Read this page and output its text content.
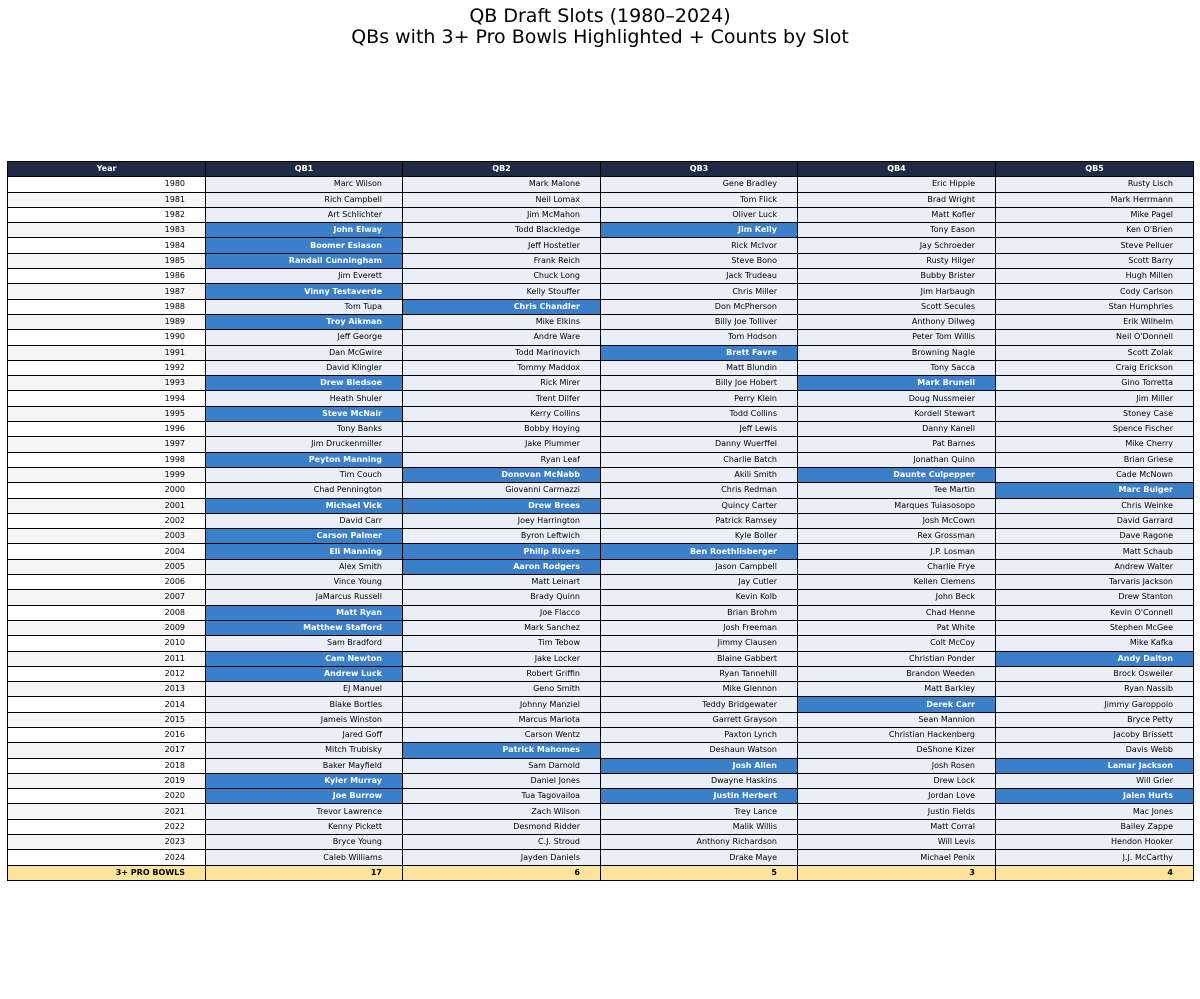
QB Draft Slots (1980–2024)
QBs with 3+ Pro Bowls Highlighted + Counts by Slot
Year	QB1	QB2	QB3	QB4	QB5
1980	Marc Wilson	Mark Malone	Gene Bradley	Eric Hipple	Rusty Lisch
1981	Rich Campbell	Neil Lomax	Tom Flick	Brad Wright	Mark Herrmann
1982	Art Schlichter	Jim McMahon	Oliver Luck	Matt Kofler	Mike Pagel
1983	John Elway	Todd Blackledge	Jim Kelly	Tony Eason	Ken O'Brien
1984	Boomer Esiason	Jeff Hostetler	Rick McIvor	Jay Schroeder	Steve Pelluer
1985	Randall Cunningham	Frank Reich	Steve Bono	Rusty Hilger	Scott Barry
1986	Jim Everett	Chuck Long	Jack Trudeau	Bubby Brister	Hugh Millen
1987	Vinny Testaverde	Kelly Stouffer	Chris Miller	Jim Harbaugh	Cody Carlson
1988	Tom Tupa	Chris Chandler	Don McPherson	Scott Secules	Stan Humphries
1989	Troy Aikman	Mike Elkins	Billy Joe Tolliver	Anthony Dilweg	Erik Wilhelm
1990	Jeff George	Andre Ware	Tom Hodson	Peter Tom Willis	Neil O'Donnell
1991	Dan McGwire	Todd Marinovich	Brett Favre	Browning Nagle	Scott Zolak
1992	David Klingler	Tommy Maddox	Matt Blundin	Tony Sacca	Craig Erickson
1993	Drew Bledsoe	Rick Mirer	Billy Joe Hobert	Mark Brunell	Gino Torretta
1994	Heath Shuler	Trent Dilfer	Perry Klein	Doug Nussmeier	Jim Miller
1995	Steve McNair	Kerry Collins	Todd Collins	Kordell Stewart	Stoney Case
1996	Tony Banks	Bobby Hoying	Jeff Lewis	Danny Kanell	Spence Fischer
1997	Jim Druckenmiller	Jake Plummer	Danny Wuerffel	Pat Barnes	Mike Cherry
1998	Peyton Manning	Ryan Leaf	Charlie Batch	Jonathan Quinn	Brian Griese
1999	Tim Couch	Donovan McNabb	Akili Smith	Daunte Culpepper	Cade McNown
2000	Chad Pennington	Giovanni Carmazzi	Chris Redman	Tee Martin	Marc Bulger
2001	Michael Vick	Drew Brees	Quincy Carter	Marques Tuiasosopo	Chris Weinke
2002	David Carr	Joey Harrington	Patrick Ramsey	Josh McCown	David Garrard
2003	Carson Palmer	Byron Leftwich	Kyle Boller	Rex Grossman	Dave Ragone
2004	Eli Manning	Philip Rivers	Ben Roethlisberger	J.P. Losman	Matt Schaub
2005	Alex Smith	Aaron Rodgers	Jason Campbell	Charlie Frye	Andrew Walter
2006	Vince Young	Matt Leinart	Jay Cutler	Kellen Clemens	Tarvaris Jackson
2007	JaMarcus Russell	Brady Quinn	Kevin Kolb	John Beck	Drew Stanton
2008	Matt Ryan	Joe Flacco	Brian Brohm	Chad Henne	Kevin O'Connell
2009	Matthew Stafford	Mark Sanchez	Josh Freeman	Pat White	Stephen McGee
2010	Sam Bradford	Tim Tebow	Jimmy Clausen	Colt McCoy	Mike Kafka
2011	Cam Newton	Jake Locker	Blaine Gabbert	Christian Ponder	Andy Dalton
2012	Andrew Luck	Robert Griffin	Ryan Tannehill	Brandon Weeden	Brock Osweiler
2013	EJ Manuel	Geno Smith	Mike Glennon	Matt Barkley	Ryan Nassib
2014	Blake Bortles	Johnny Manziel	Teddy Bridgewater	Derek Carr	Jimmy Garoppolo
2015	Jameis Winston	Marcus Mariota	Garrett Grayson	Sean Mannion	Bryce Petty
2016	Jared Goff	Carson Wentz	Paxton Lynch	Christian Hackenberg	Jacoby Brissett
2017	Mitch Trubisky	Patrick Mahomes	Deshaun Watson	DeShone Kizer	Davis Webb
2018	Baker Mayfield	Sam Darnold	Josh Allen	Josh Rosen	Lamar Jackson
2019	Kyler Murray	Daniel Jones	Dwayne Haskins	Drew Lock	Will Grier
2020	Joe Burrow	Tua Tagovailoa	Justin Herbert	Jordan Love	Jalen Hurts
2021	Trevor Lawrence	Zach Wilson	Trey Lance	Justin Fields	Mac Jones
2022	Kenny Pickett	Desmond Ridder	Malik Willis	Matt Corral	Bailey Zappe
2023	Bryce Young	C.J. Stroud	Anthony Richardson	Will Levis	Hendon Hooker
2024	Caleb Williams	Jayden Daniels	Drake Maye	Michael Penix	J.J. McCarthy
3+ PRO BOWLS	17	6	5	3	4
